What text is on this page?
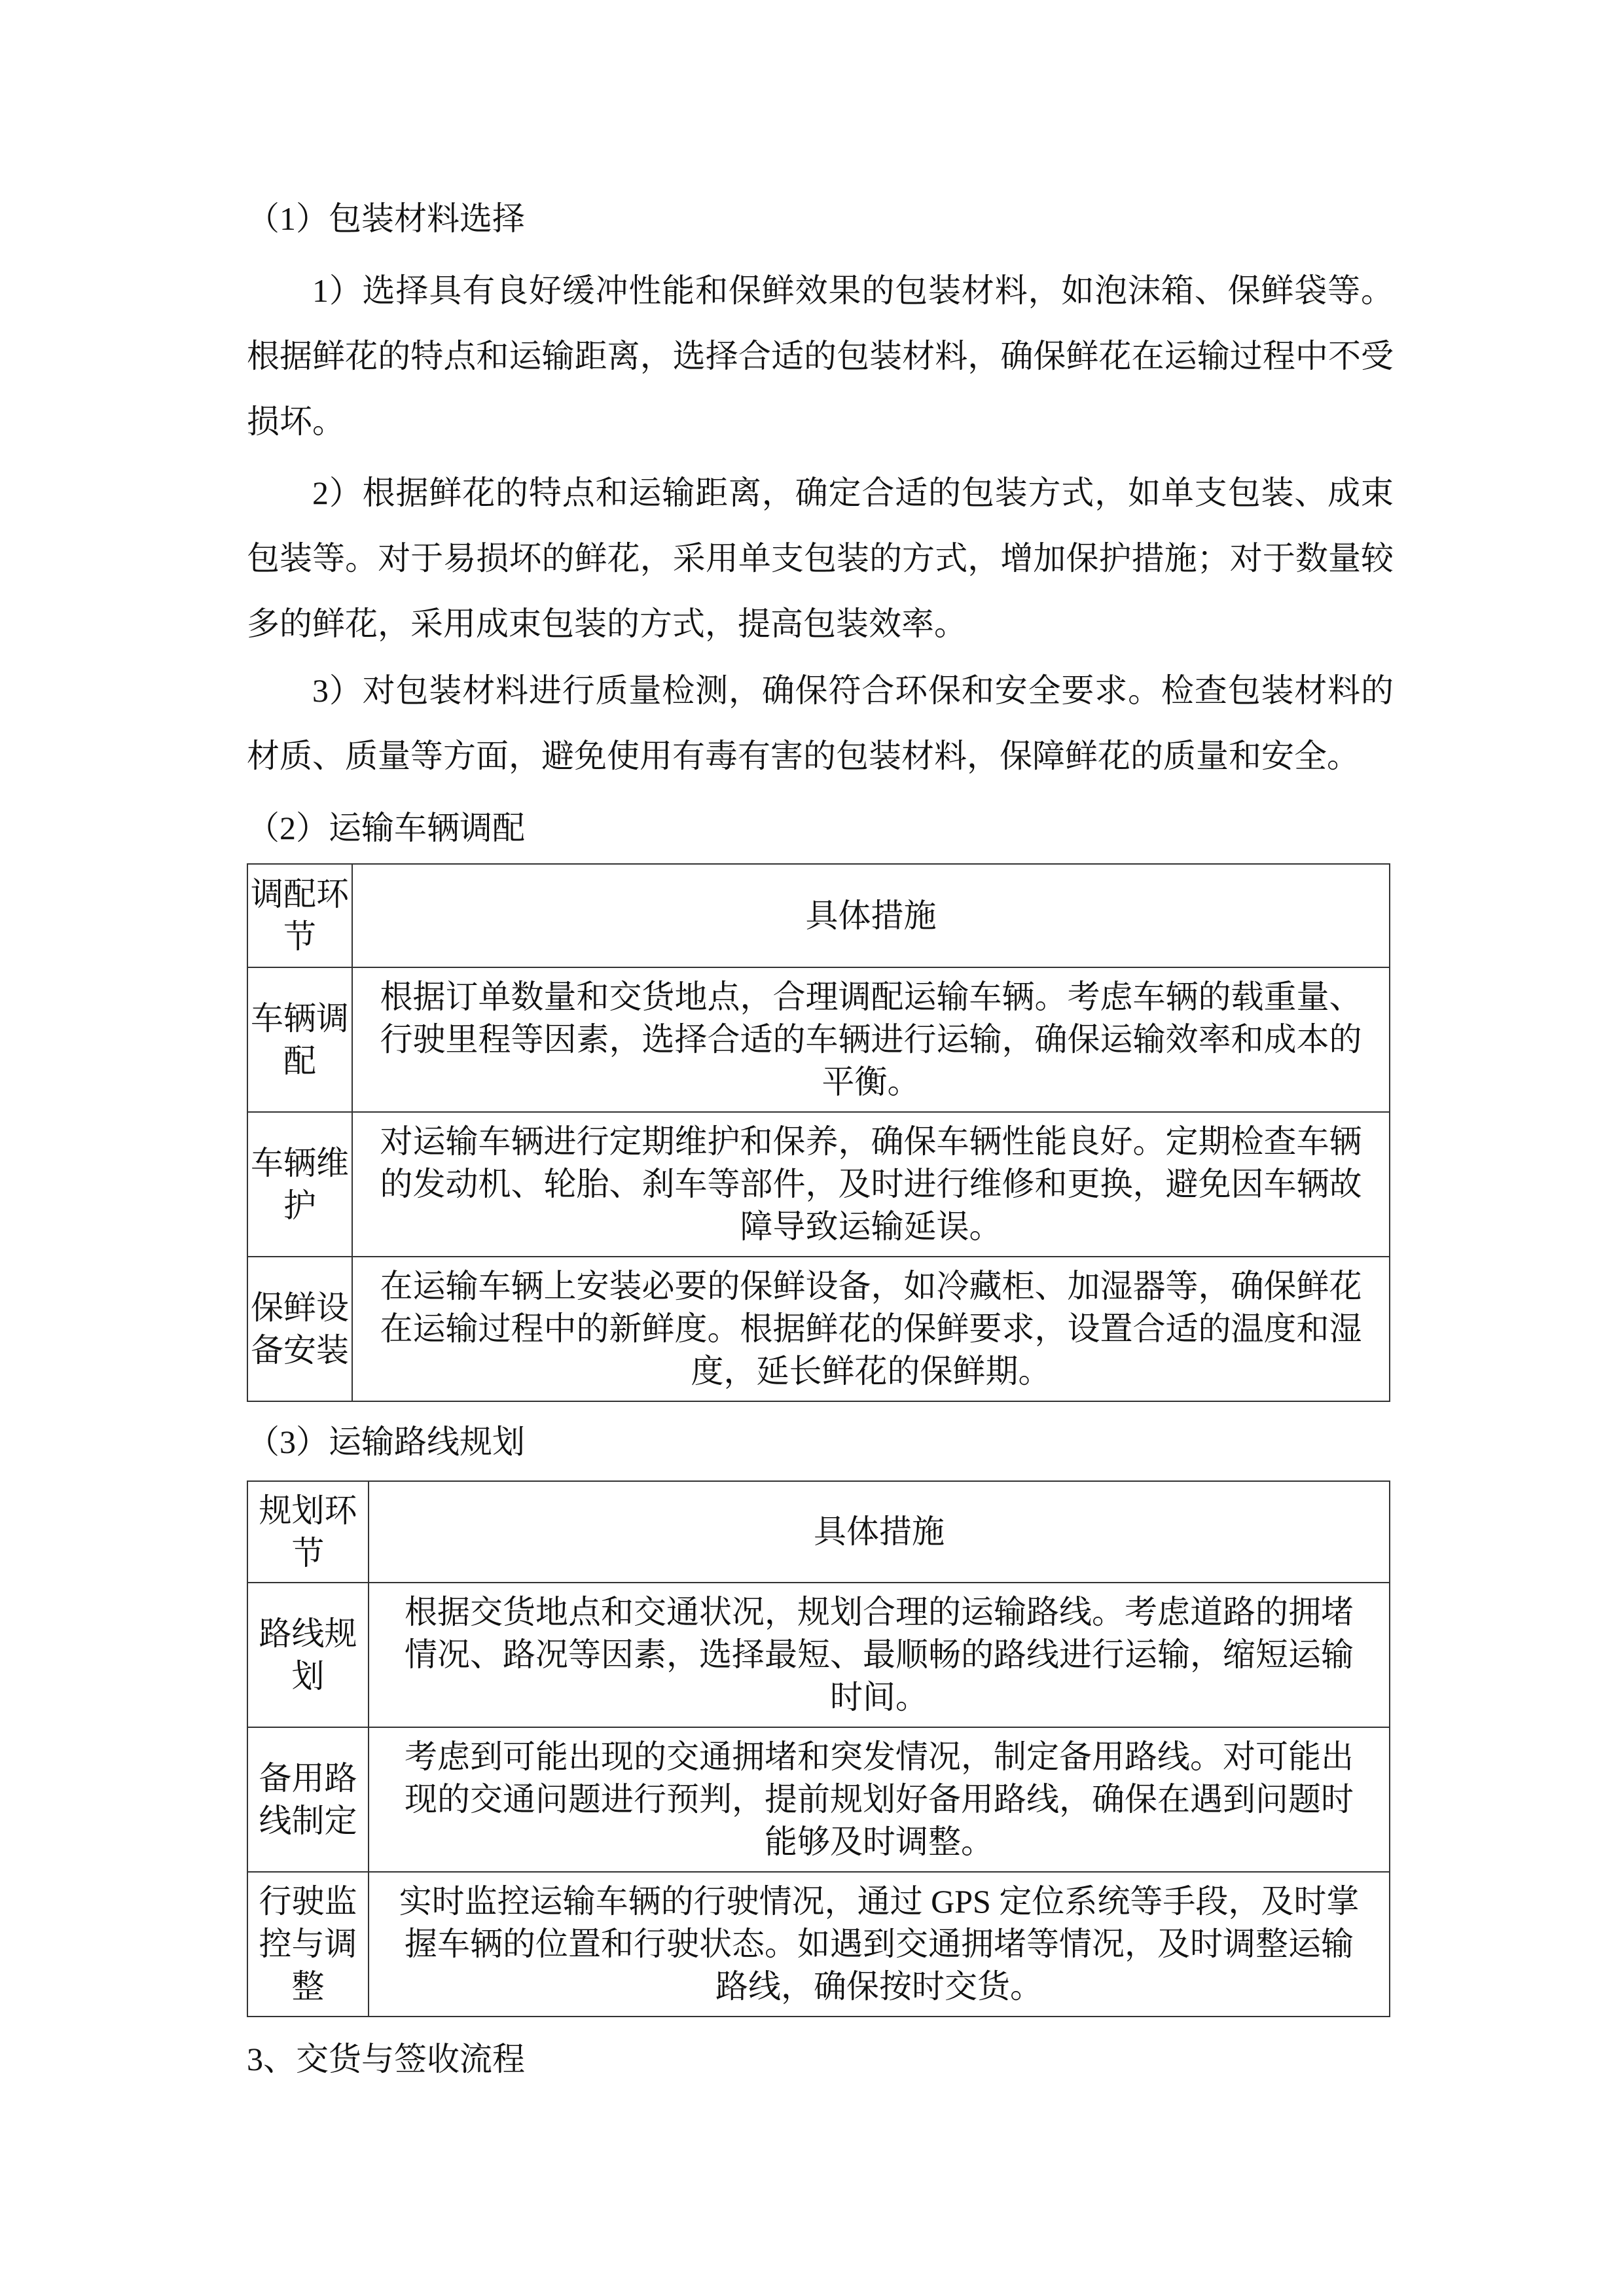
（1）包装材料选择
1）选择具有良好缓冲性能和保鲜效果的包装材料，如泡沫箱、保鲜袋等。根据鲜花的特点和运输距离，选择合适的包装材料，确保鲜花在运输过程中不受损坏。
2）根据鲜花的特点和运输距离，确定合适的包装方式，如单支包装、成束包装等。对于易损坏的鲜花，采用单支包装的方式，增加保护措施；对于数量较多的鲜花，采用成束包装的方式，提高包装效率。
3）对包装材料进行质量检测，确保符合环保和安全要求。检查包装材料的材质、质量等方面，避免使用有毒有害的包装材料，保障鲜花的质量和安全。
（2）运输车辆调配
调配环节	具体措施
车辆调配	根据订单数量和交货地点，合理调配运输车辆。考虑车辆的载重量、行驶里程等因素，选择合适的车辆进行运输，确保运输效率和成本的平衡。
车辆维护	对运输车辆进行定期维护和保养，确保车辆性能良好。定期检查车辆的发动机、轮胎、刹车等部件，及时进行维修和更换，避免因车辆故障导致运输延误。
保鲜设备安装	在运输车辆上安装必要的保鲜设备，如冷藏柜、加湿器等，确保鲜花在运输过程中的新鲜度。根据鲜花的保鲜要求，设置合适的温度和湿度，延长鲜花的保鲜期。
（3）运输路线规划
规划环节	具体措施
路线规划	根据交货地点和交通状况，规划合理的运输路线。考虑道路的拥堵情况、路况等因素，选择最短、最顺畅的路线进行运输，缩短运输时间。
备用路线制定	考虑到可能出现的交通拥堵和突发情况，制定备用路线。对可能出现的交通问题进行预判，提前规划好备用路线，确保在遇到问题时能够及时调整。
行驶监控与调整	实时监控运输车辆的行驶情况，通过 GPS 定位系统等手段，及时掌握车辆的位置和行驶状态。如遇到交通拥堵等情况，及时调整运输路线，确保按时交货。
3、交货与签收流程
